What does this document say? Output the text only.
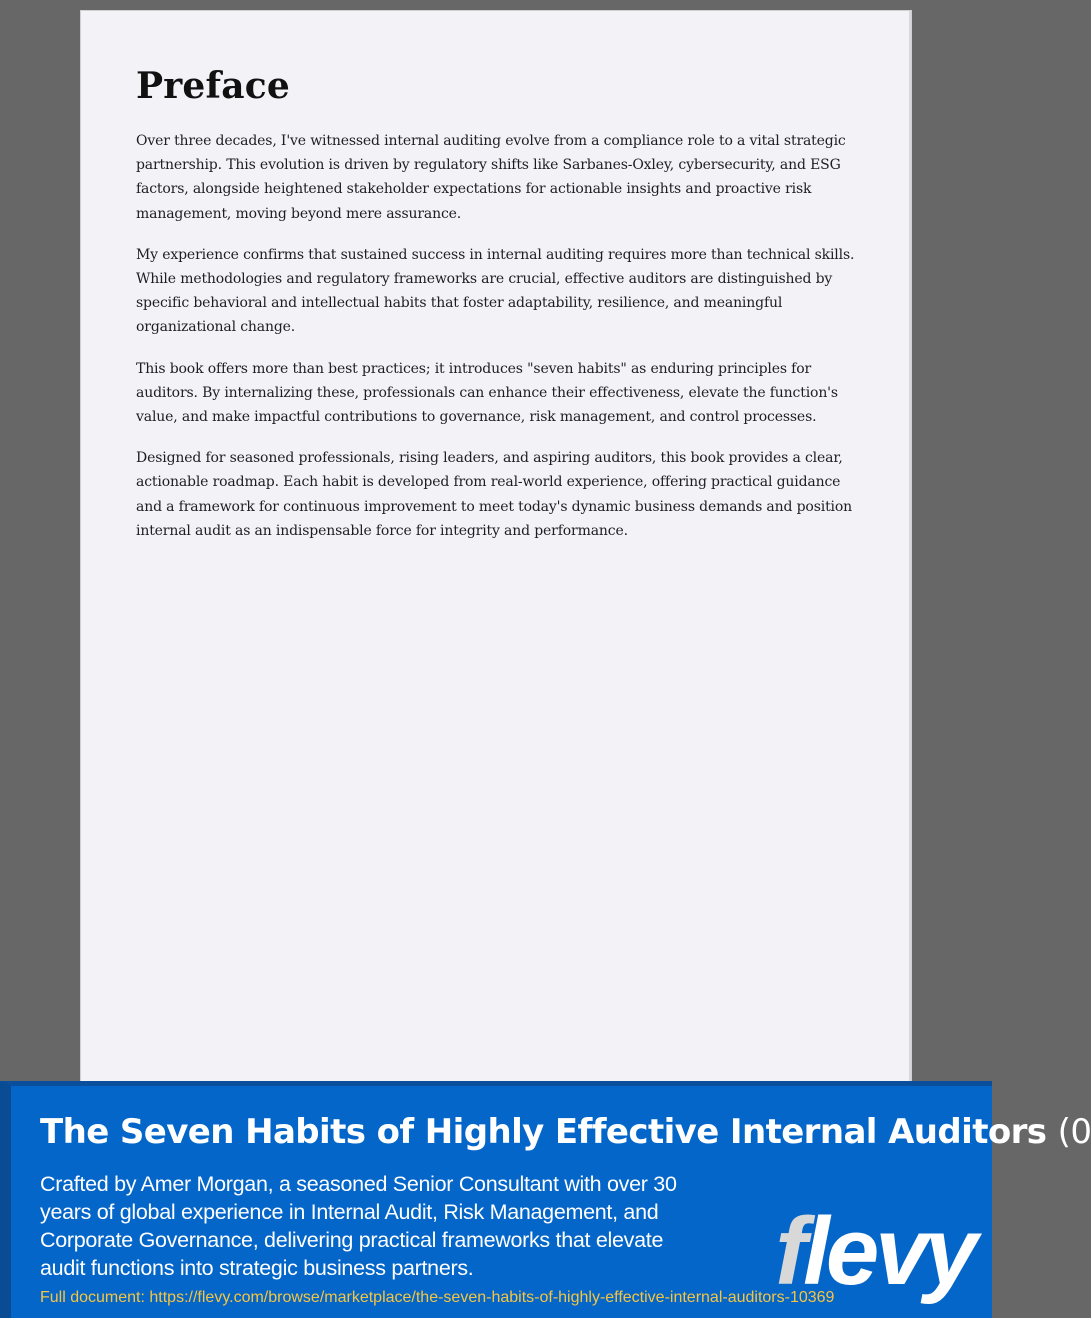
Preface

Over three decades, I've witnessed internal auditing evolve from a compliance role to a vital strategic partnership. This evolution is driven by regulatory shifts like Sarbanes-Oxley, cybersecurity, and ESG factors, alongside heightened stakeholder expectations for actionable insights and proactive risk management, moving beyond mere assurance.

My experience confirms that sustained success in internal auditing requires more than technical skills. While methodologies and regulatory frameworks are crucial, effective auditors are distinguished by specific behavioral and intellectual habits that foster adaptability, resilience, and meaningful organizational change.

This book offers more than best practices; it introduces "seven habits" as enduring principles for auditors. By internalizing these, professionals can enhance their effectiveness, elevate the function's value, and make impactful contributions to governance, risk management, and control processes.

Designed for seasoned professionals, rising leaders, and aspiring auditors, this book provides a clear, actionable roadmap. Each habit is developed from real-world experience, offering practical guidance and a framework for continuous improvement to meet today's dynamic business demands and position internal audit as an indispensable force for integrity and performance.

The Seven Habits of Highly Effective Internal Auditors (0
Crafted by Amer Morgan, a seasoned Senior Consultant with over 30 years of global experience in Internal Audit, Risk Management, and Corporate Governance, delivering practical frameworks that elevate audit functions into strategic business partners.
Full document: https://flevy.com/browse/marketplace/the-seven-habits-of-highly-effective-internal-auditors-10369
flevy
